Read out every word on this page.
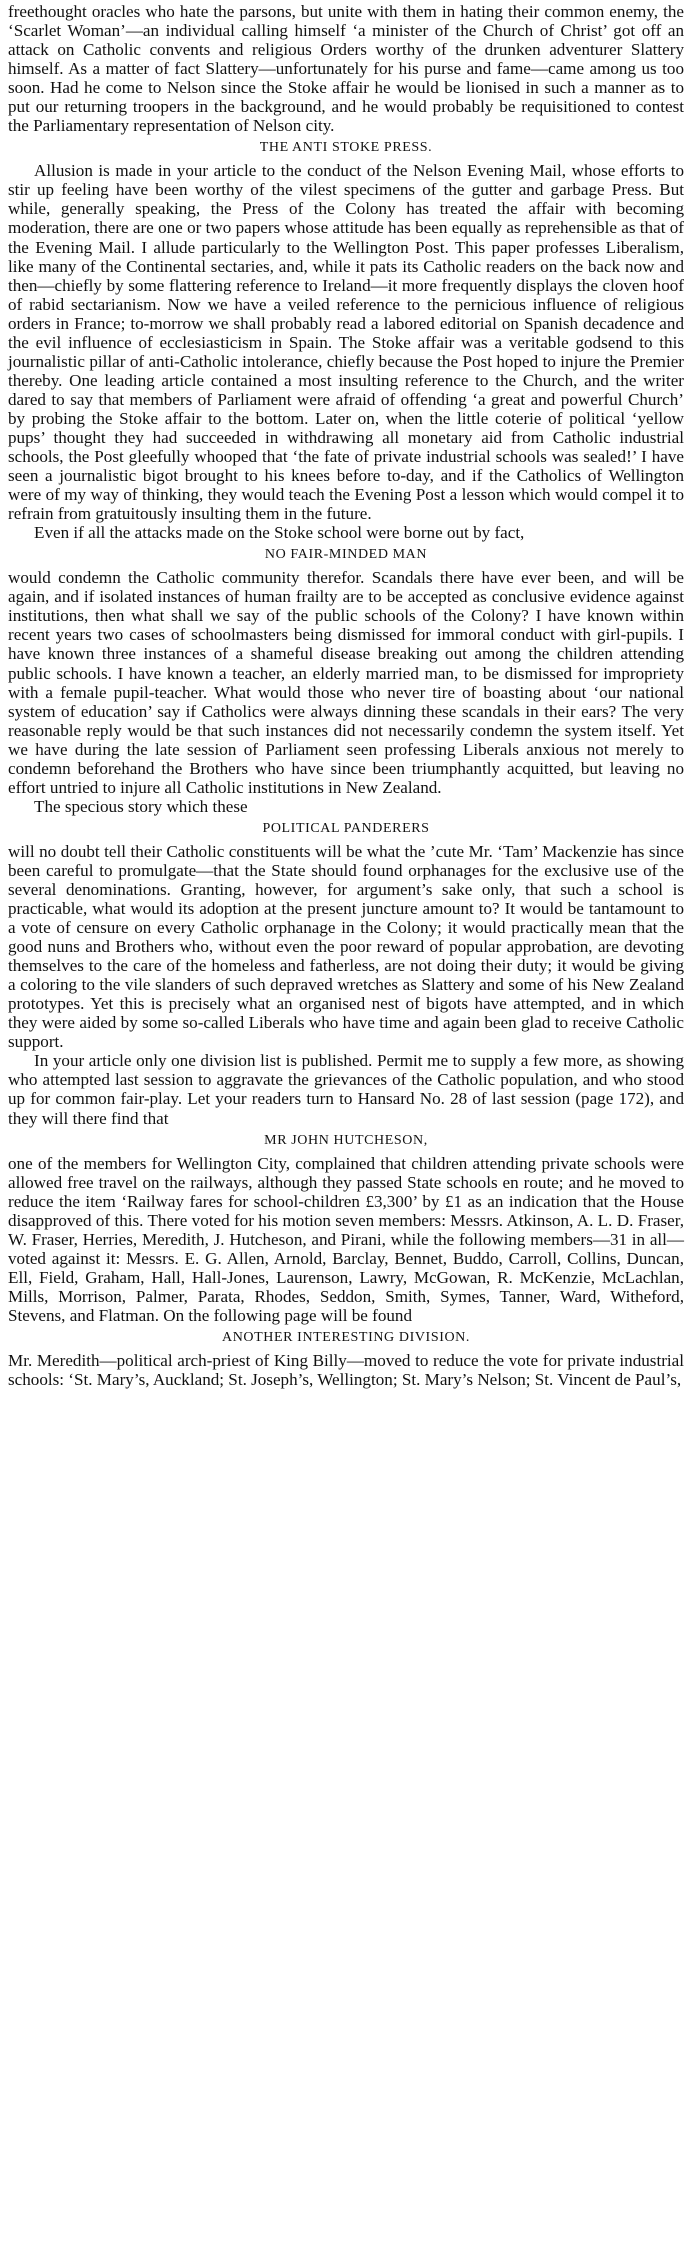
freethought oracles who hate the parsons, but unite with them in hating their common enemy, the ‘Scarlet Woman’—an individual calling himself ‘a minister of the Church of Christ’ got off an attack on Catholic convents and religious Orders worthy of the drunken adventurer Slattery himself. As a matter of fact Slattery—unfortunately for his purse and fame—came among us too soon. Had he come to Nelson since the Stoke affair he would be lionised in such a manner as to put our returning troopers in the background, and he would probably be requisitioned to contest the Parliamentary representation of Nelson city.

THE ANTI STOKE PRESS.

Allusion is made in your article to the conduct of the Nelson Evening Mail, whose efforts to stir up feeling have been worthy of the vilest specimens of the gutter and garbage Press. But while, generally speaking, the Press of the Colony has treated the affair with becoming moderation, there are one or two papers whose attitude has been equally as reprehensible as that of the Evening Mail. I allude particularly to the Wellington Post. This paper professes Liberalism, like many of the Continental sectaries, and, while it pats its Catholic readers on the back now and then—chiefly by some flattering reference to Ireland—it more frequently displays the cloven hoof of rabid sectarianism. Now we have a veiled reference to the pernicious influence of religious orders in France; to-morrow we shall probably read a labored editorial on Spanish decadence and the evil influence of ecclesiasticism in Spain. The Stoke affair was a veritable godsend to this journalistic pillar of anti-Catholic intolerance, chiefly because the Post hoped to injure the Premier thereby. One leading article contained a most insulting reference to the Church, and the writer dared to say that members of Parliament were afraid of offending ‘a great and powerful Church’ by probing the Stoke affair to the bottom. Later on, when the little coterie of political ‘yellow pups’ thought they had succeeded in withdrawing all monetary aid from Catholic industrial schools, the Post gleefully whooped that ‘the fate of private industrial schools was sealed!’ I have seen a journalistic bigot brought to his knees before to-day, and if the Catholics of Wellington were of my way of thinking, they would teach the Evening Post a lesson which would compel it to refrain from gratuitously insulting them in the future.

Even if all the attacks made on the Stoke school were borne out by fact,

NO FAIR-MINDED MAN

would condemn the Catholic community therefor. Scandals there have ever been, and will be again, and if isolated instances of human frailty are to be accepted as conclusive evidence against institutions, then what shall we say of the public schools of the Colony? I have known within recent years two cases of schoolmasters being dismissed for immoral conduct with girl-pupils. I have known three instances of a shameful disease breaking out among the children attending public schools. I have known a teacher, an elderly married man, to be dismissed for impropriety with a female pupil-teacher. What would those who never tire of boasting about ‘our national system of education’ say if Catholics were always dinning these scandals in their ears? The very reasonable reply would be that such instances did not necessarily condemn the system itself. Yet we have during the late session of Parliament seen professing Liberals anxious not merely to condemn beforehand the Brothers who have since been triumphantly acquitted, but leaving no effort untried to injure all Catholic institutions in New Zealand.

The specious story which these

POLITICAL PANDERERS

will no doubt tell their Catholic constituents will be what the ’cute Mr. ‘Tam’ Mackenzie has since been careful to promulgate—that the State should found orphanages for the exclusive use of the several denominations. Granting, however, for argument’s sake only, that such a school is practicable, what would its adoption at the present juncture amount to? It would be tantamount to a vote of censure on every Catholic orphanage in the Colony; it would practically mean that the good nuns and Brothers who, without even the poor reward of popular approbation, are devoting themselves to the care of the homeless and fatherless, are not doing their duty; it would be giving a coloring to the vile slanders of such depraved wretches as Slattery and some of his New Zealand prototypes. Yet this is precisely what an organised nest of bigots have attempted, and in which they were aided by some so-called Liberals who have time and again been glad to receive Catholic support.

In your article only one division list is published. Permit me to supply a few more, as showing who attempted last session to aggravate the grievances of the Catholic population, and who stood up for common fair-play. Let your readers turn to Hansard No. 28 of last session (page 172), and they will there find that

MR JOHN HUTCHESON,

one of the members for Wellington City, complained that children attending private schools were allowed free travel on the railways, although they passed State schools en route; and he moved to reduce the item ‘Railway fares for school-children £3,300’ by £1 as an indication that the House disapproved of this. There voted for his motion seven members: Messrs. Atkinson, A. L. D. Fraser, W. Fraser, Herries, Meredith, J. Hutcheson, and Pirani, while the following members—31 in all—voted against it: Messrs. E. G. Allen, Arnold, Barclay, Bennet, Buddo, Carroll, Collins, Duncan, Ell, Field, Graham, Hall, Hall-Jones, Laurenson, Lawry, McGowan, R. McKenzie, McLachlan, Mills, Morrison, Palmer, Parata, Rhodes, Seddon, Smith, Symes, Tanner, Ward, Witheford, Stevens, and Flatman. On the following page will be found

ANOTHER INTERESTING DIVISION.

Mr. Meredith—political arch-priest of King Billy—moved to reduce the vote for private industrial schools: ‘St. Mary’s, Auckland; St. Joseph’s, Wellington; St. Mary’s Nelson; St. Vincent de Paul’s,
